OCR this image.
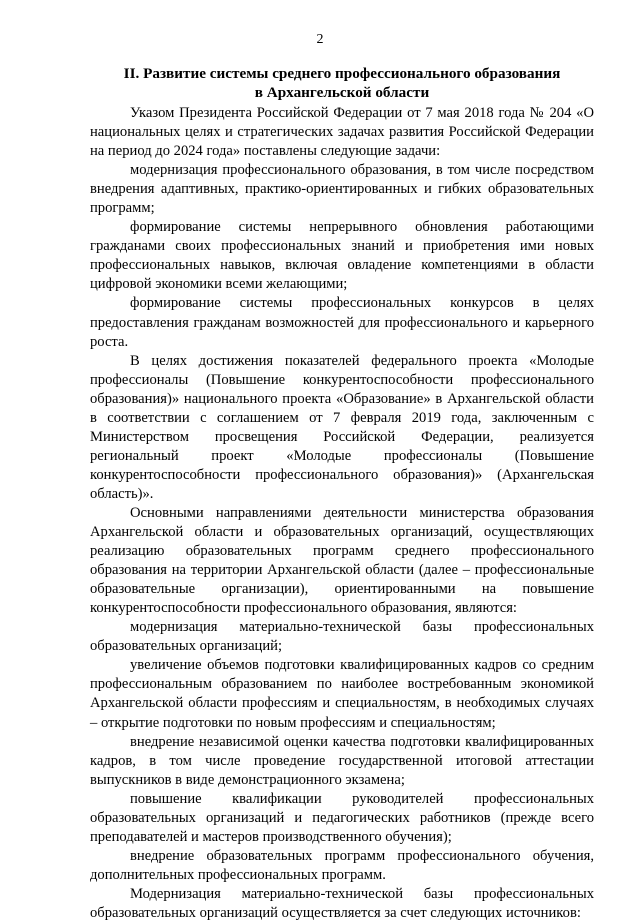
2
II. Развитие системы среднего профессионального образования
в Архангельской области

Указом Президента Российской Федерации от 7 мая 2018 года № 204 «О национальных целях и стратегических задачах развития Российской Федерации на период до 2024 года» поставлены следующие задачи:

модернизация профессионального образования, в том числе посредством внедрения адаптивных, практико-ориентированных и гибких образовательных программ;

формирование системы непрерывного обновления работающими гражданами своих профессиональных знаний и приобретения ими новых профессиональных навыков, включая овладение компетенциями в области цифровой экономики всеми желающими;

формирование системы профессиональных конкурсов в целях предоставления гражданам возможностей для профессионального и карьерного роста.

В целях достижения показателей федерального проекта «Молодые профессионалы (Повышение конкурентоспособности профессионального образования)» национального проекта «Образование» в Архангельской области в соответствии с соглашением от 7 февраля 2019 года, заключенным с Министерством просвещения Российской Федерации, реализуется региональный проект «Молодые профессионалы (Повышение конкурентоспособности профессионального образования)» (Архангельская область)».

Основными направлениями деятельности министерства образования Архангельской области и образовательных организаций, осуществляющих реализацию образовательных программ среднего профессионального образования на территории Архангельской области (далее – профессиональные образовательные организации), ориентированными на повышение конкурентоспособности профессионального образования, являются:

модернизация материально-технической базы профессиональных образовательных организаций;

увеличение объемов подготовки квалифицированных кадров со средним профессиональным образованием по наиболее востребованным экономикой Архангельской области профессиям и специальностям, в необходимых случаях – открытие подготовки по новым профессиям и специальностям;

внедрение независимой оценки качества подготовки квалифицированных кадров, в том числе проведение государственной итоговой аттестации выпускников в виде демонстрационного экзамена;

повышение квалификации руководителей профессиональных образовательных организаций и педагогических работников (прежде всего преподавателей и мастеров производственного обучения);

внедрение образовательных программ профессионального обучения, дополнительных профессиональных программ.

Модернизация материально-технической базы профессиональных образовательных организаций осуществляется за счет следующих источников:
